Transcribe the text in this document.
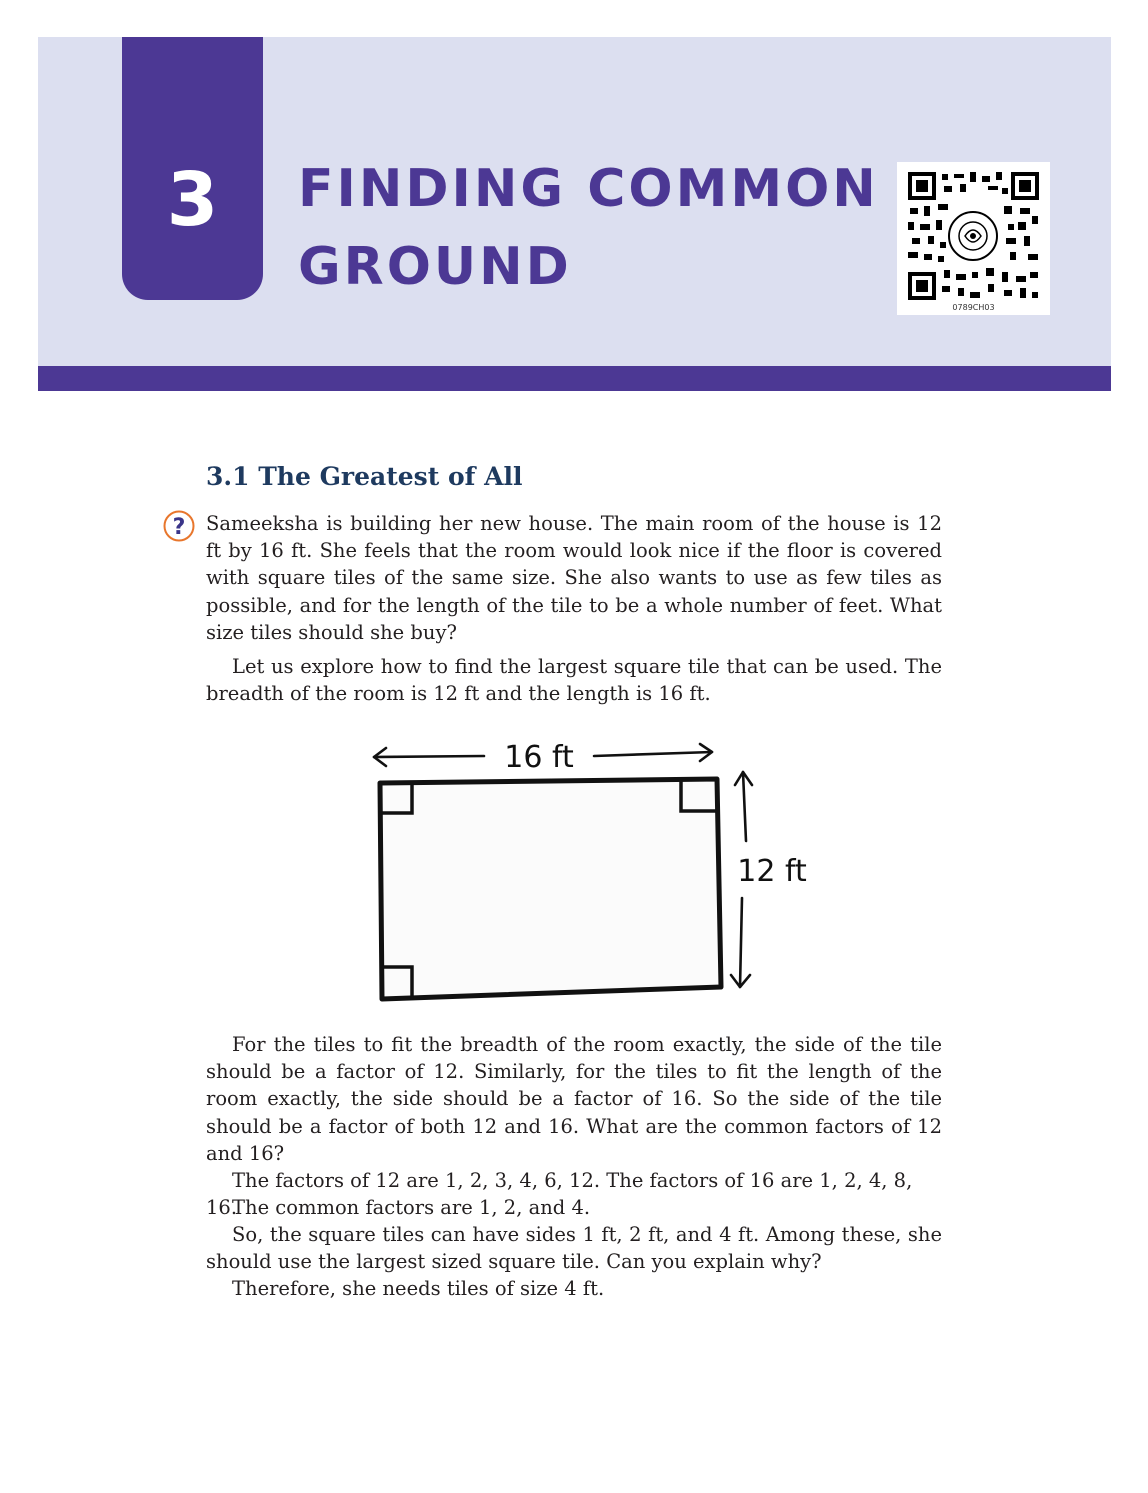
3	FINDING COMMON GROUND
0789CH03
3.1 The Greatest of All
? Sameeksha is building her new house. The main room of the house is 12 ft by 16 ft. She feels that the room would look nice if the floor is covered with square tiles of the same size. She also wants to use as few tiles as possible, and for the length of the tile to be a whole number of feet. What size tiles should she buy?

Let us explore how to find the largest square tile that can be used. The breadth of the room is 12 ft and the length is 16 ft.

16 ft
12 ft

For the tiles to fit the breadth of the room exactly, the side of the tile should be a factor of 12. Similarly, for the tiles to fit the length of the room exactly, the side should be a factor of 16. So the side of the tile should be a factor of both 12 and 16. What are the common factors of 12 and 16?

The factors of 12 are 1, 2, 3, 4, 6, 12. The factors of 16 are 1, 2, 4, 8, 16.

The common factors are 1, 2, and 4.

So, the square tiles can have sides 1 ft, 2 ft, and 4 ft. Among these, she should use the largest sized square tile. Can you explain why?

Therefore, she needs tiles of size 4 ft.
